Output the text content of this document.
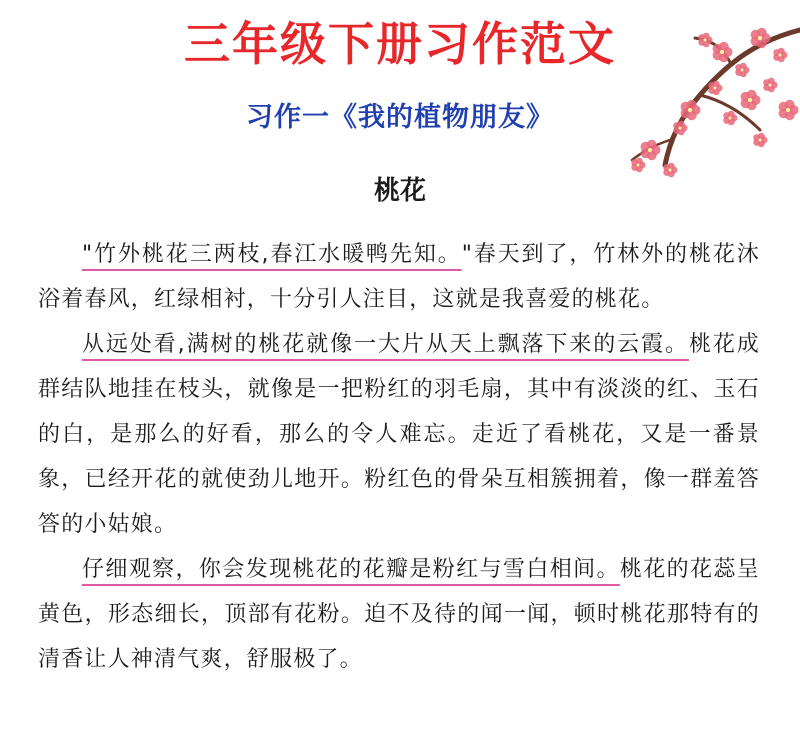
三年级下册习作范文
习作一《我的植物朋友》
桃花

"竹外桃花三两枝,春江水暖鸭先知。"春天到了，竹林外的桃花沐浴着春风，红绿相衬，十分引人注目，这就是我喜爱的桃花。

从远处看,满树的桃花就像一大片从天上飘落下来的云霞。桃花成群结队地挂在枝头，就像是一把粉红的羽毛扇，其中有淡淡的红、玉石的白，是那么的好看，那么的令人难忘。走近了看桃花，又是一番景象，已经开花的就使劲儿地开。粉红色的骨朵互相簇拥着，像一群羞答答的小姑娘。

仔细观察，你会发现桃花的花瓣是粉红与雪白相间。桃花的花蕊呈黄色，形态细长，顶部有花粉。迫不及待的闻一闻，顿时桃花那特有的清香让人神清气爽，舒服极了。
